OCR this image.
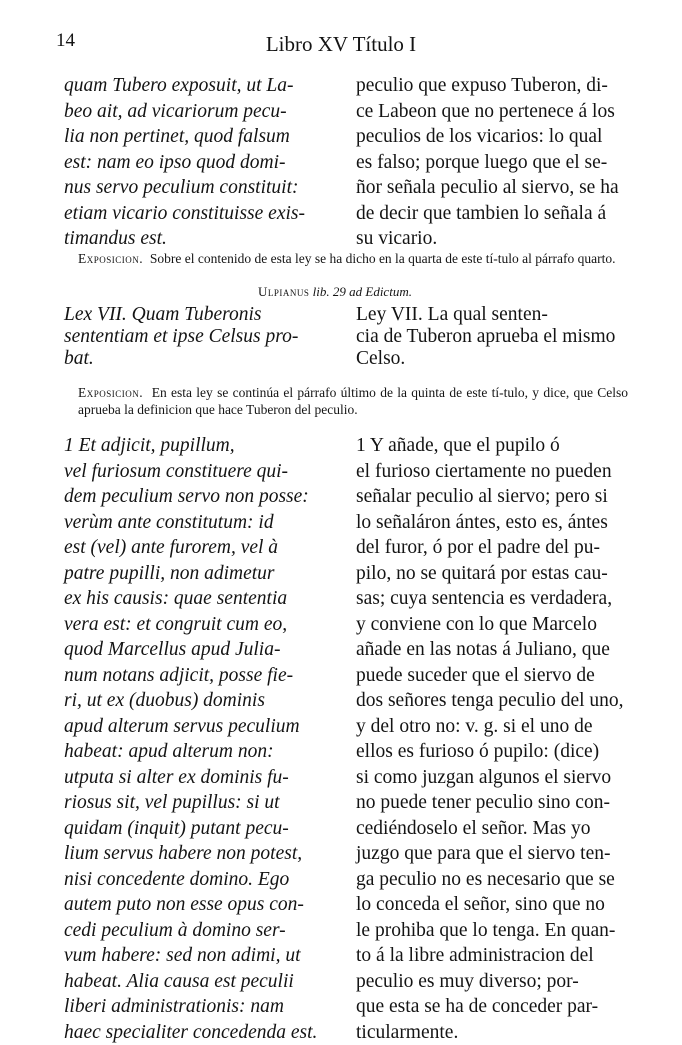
14	Libro XV Título I
quam Tubero exposuit, ut La-
beo ait, ad vicariorum pecu-
lia non pertinet, quod falsum
est: nam eo ipso quod domi-
nus servo peculium constituit:
etiam vicario constituisse exis-
timandus est.
peculio que expuso Tuberon, di-
ce Labeon que no pertenece á los
peculios de los vicarios: lo qual
es falso; porque luego que el se-
ñor señala peculio al siervo, se ha
de decir que tambien lo señala á
su vicario.
Exposicion. Sobre el contenido de esta ley se ha dicho en la quarta de este tí-tulo al párrafo quarto.
Ulpianus lib. 29 ad Edictum.
Lex VII. Quam Tuberonis
sententiam et ipse Celsus pro-
bat.
Ley VII. La qual senten-
cia de Tuberon aprueba el mismo
Celso.
Exposicion. En esta ley se continúa el párrafo último de la quinta de este tí-tulo, y dice, que Celso aprueba la definicion que hace Tuberon del peculio.
1 Et adjicit, pupillum,
vel furiosum constituere qui-
dem peculium servo non posse:
verùm ante constitutum: id
est (vel) ante furorem, vel à
patre pupilli, non adimetur
ex his causis: quae sententia
vera est: et congruit cum eo,
quod Marcellus apud Julia-
num notans adjicit, posse fie-
ri, ut ex (duobus) dominis
apud alterum servus peculium
habeat: apud alterum non:
utputa si alter ex dominis fu-
riosus sit, vel pupillus: si ut
quidam (inquit) putant pecu-
lium servus habere non potest,
nisi concedente domino. Ego
autem puto non esse opus con-
cedi peculium à domino ser-
vum habere: sed non adimi, ut
habeat. Alia causa est peculii
liberi administrationis: nam
haec specialiter concedenda est.
1 Y añade, que el pupilo ó
el furioso ciertamente no pueden
señalar peculio al siervo; pero si
lo señaláron ántes, esto es, ántes
del furor, ó por el padre del pu-
pilo, no se quitará por estas cau-
sas; cuya sentencia es verdadera,
y conviene con lo que Marcelo
añade en las notas á Juliano, que
puede suceder que el siervo de
dos señores tenga peculio del uno,
y del otro no: v. g. si el uno de
ellos es furioso ó pupilo: (dice)
si como juzgan algunos el siervo
no puede tener peculio sino con-
cediéndoselo el señor. Mas yo
juzgo que para que el siervo ten-
ga peculio no es necesario que se
lo conceda el señor, sino que no
le prohiba que lo tenga. En quan-
to á la libre administracion del
peculio es muy diverso; por-
que esta se ha de conceder par-
ticularmente.
